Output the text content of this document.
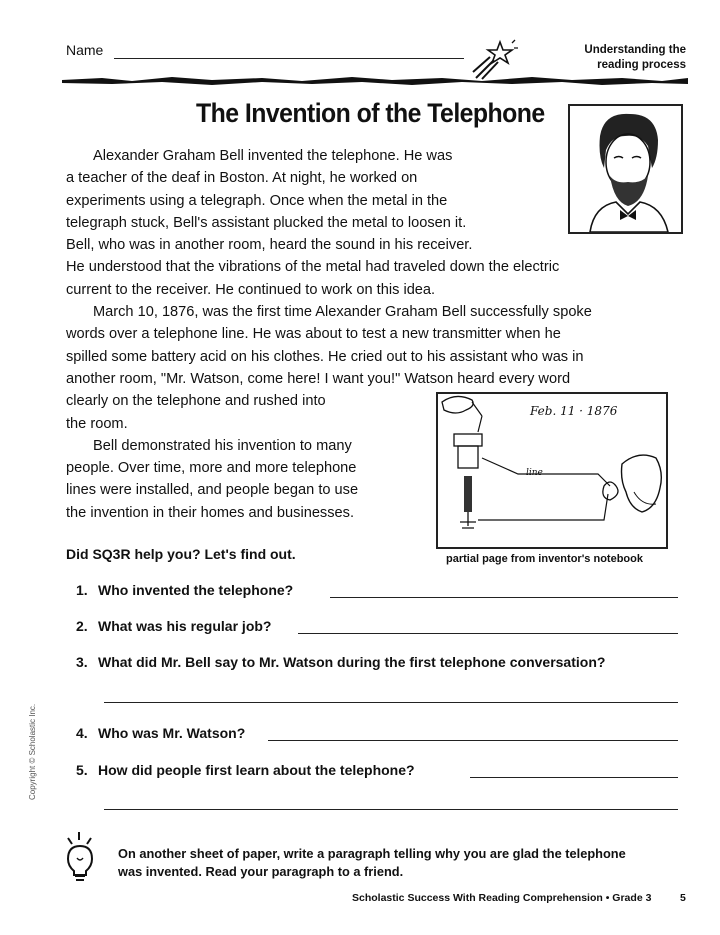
Name	Understanding the
reading process
The Invention of the Telephone

Alexander Graham Bell invented the telephone. He was

a teacher of the deaf in Boston. At night, he worked on

experiments using a telegraph. Once when the metal in the

telegraph stuck, Bell's assistant plucked the metal to loosen it.

Bell, who was in another room, heard the sound in his receiver.

He understood that the vibrations of the metal had traveled down the electric

current to the receiver. He continued to work on this idea.

March 10, 1876, was the first time Alexander Graham Bell successfully spoke

words over a telephone line. He was about to test a new transmitter when he

spilled some battery acid on his clothes. He cried out to his assistant who was in

another room, "Mr. Watson, come here! I want you!" Watson heard every word

clearly on the telephone and rushed into

the room.

Bell demonstrated his invention to many

people. Over time, more and more telephone

lines were installed, and people began to use

the invention in their homes and businesses.

Feb. 11 · 1876
line
partial page from inventor's notebook
Did SQ3R help you? Let's find out.
1. Who invented the telephone?
2. What was his regular job?
3. What did Mr. Bell say to Mr. Watson during the first telephone conversation?
4. Who was Mr. Watson?
5. How did people first learn about the telephone?
Copyright © Scholastic Inc.
On another sheet of paper, write a paragraph telling why you are glad the telephone
was invented. Read your paragraph to a friend.
Scholastic Success With Reading Comprehension • Grade 3	5
